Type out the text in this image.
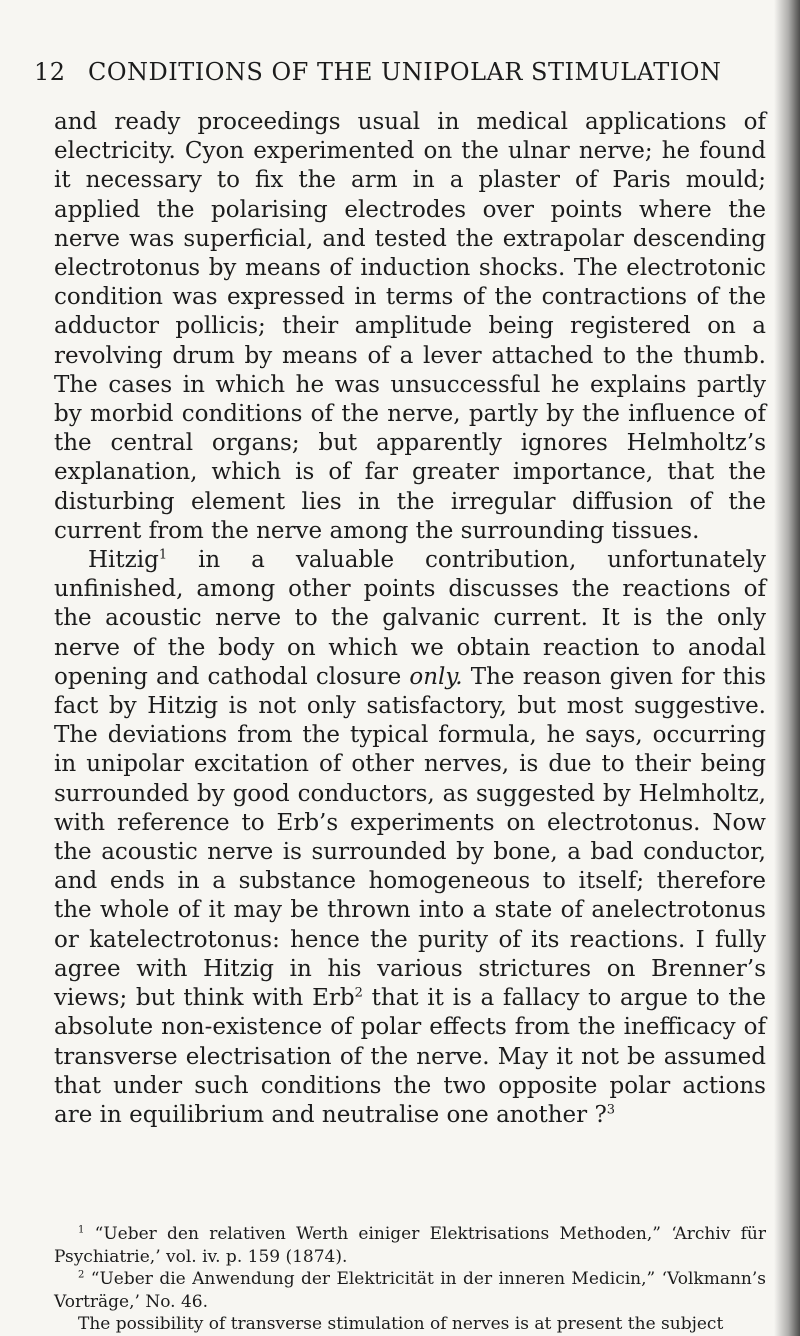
12 CONDITIONS OF THE UNIPOLAR STIMULATION

and ready proceedings usual in medical applications of electricity. Cyon experimented on the ulnar nerve; he found it necessary to fix the arm in a plaster of Paris mould; applied the polarising electrodes over points where the nerve was superficial, and tested the extrapolar descending electrotonus by means of induction shocks. The electrotonic condition was expressed in terms of the contractions of the adductor pollicis; their amplitude being registered on a revolving drum by means of a lever attached to the thumb. The cases in which he was unsuccessful he explains partly by morbid conditions of the nerve, partly by the influence of the central organs; but apparently ignores Helmholtz’s explanation, which is of far greater importance, that the disturbing element lies in the irregular diffusion of the current from the nerve among the surrounding tissues.

Hitzig$^1$ in a valuable contribution, unfortunately unfinished, among other points discusses the reactions of the acoustic nerve to the galvanic current. It is the only nerve of the body on which we obtain reaction to anodal opening and cathodal closure only. The reason given for this fact by Hitzig is not only satisfactory, but most suggestive. The deviations from the typical formula, he says, occurring in unipolar excitation of other nerves, is due to their being surrounded by good conductors, as suggested by Helmholtz, with reference to Erb’s experiments on electrotonus. Now the acoustic nerve is surrounded by bone, a bad conductor, and ends in a substance homogeneous to itself; therefore the whole of it may be thrown into a state of anelectrotonus or katelectrotonus: hence the purity of its reactions. I fully agree with Hitzig in his various strictures on Brenner’s views; but think with Erb$^2$ that it is a fallacy to argue to the absolute non-existence of polar effects from the inefficacy of transverse electrisation of the nerve. May it not be assumed that under such conditions the two opposite polar actions are in equilibrium and neutralise one another ?$^3$

$^1$ “Ueber den relativen Werth einiger Elektrisations Methoden,” ‘Archiv für Psychiatrie,’ vol. iv. p. 159 (1874).

$^2$ “Ueber die Anwendung der Elektricität in der inneren Medicin,” ‘Volkmann’s Vorträge,’ No. 46.

The possibility of transverse stimulation of nerves is at present the subject
